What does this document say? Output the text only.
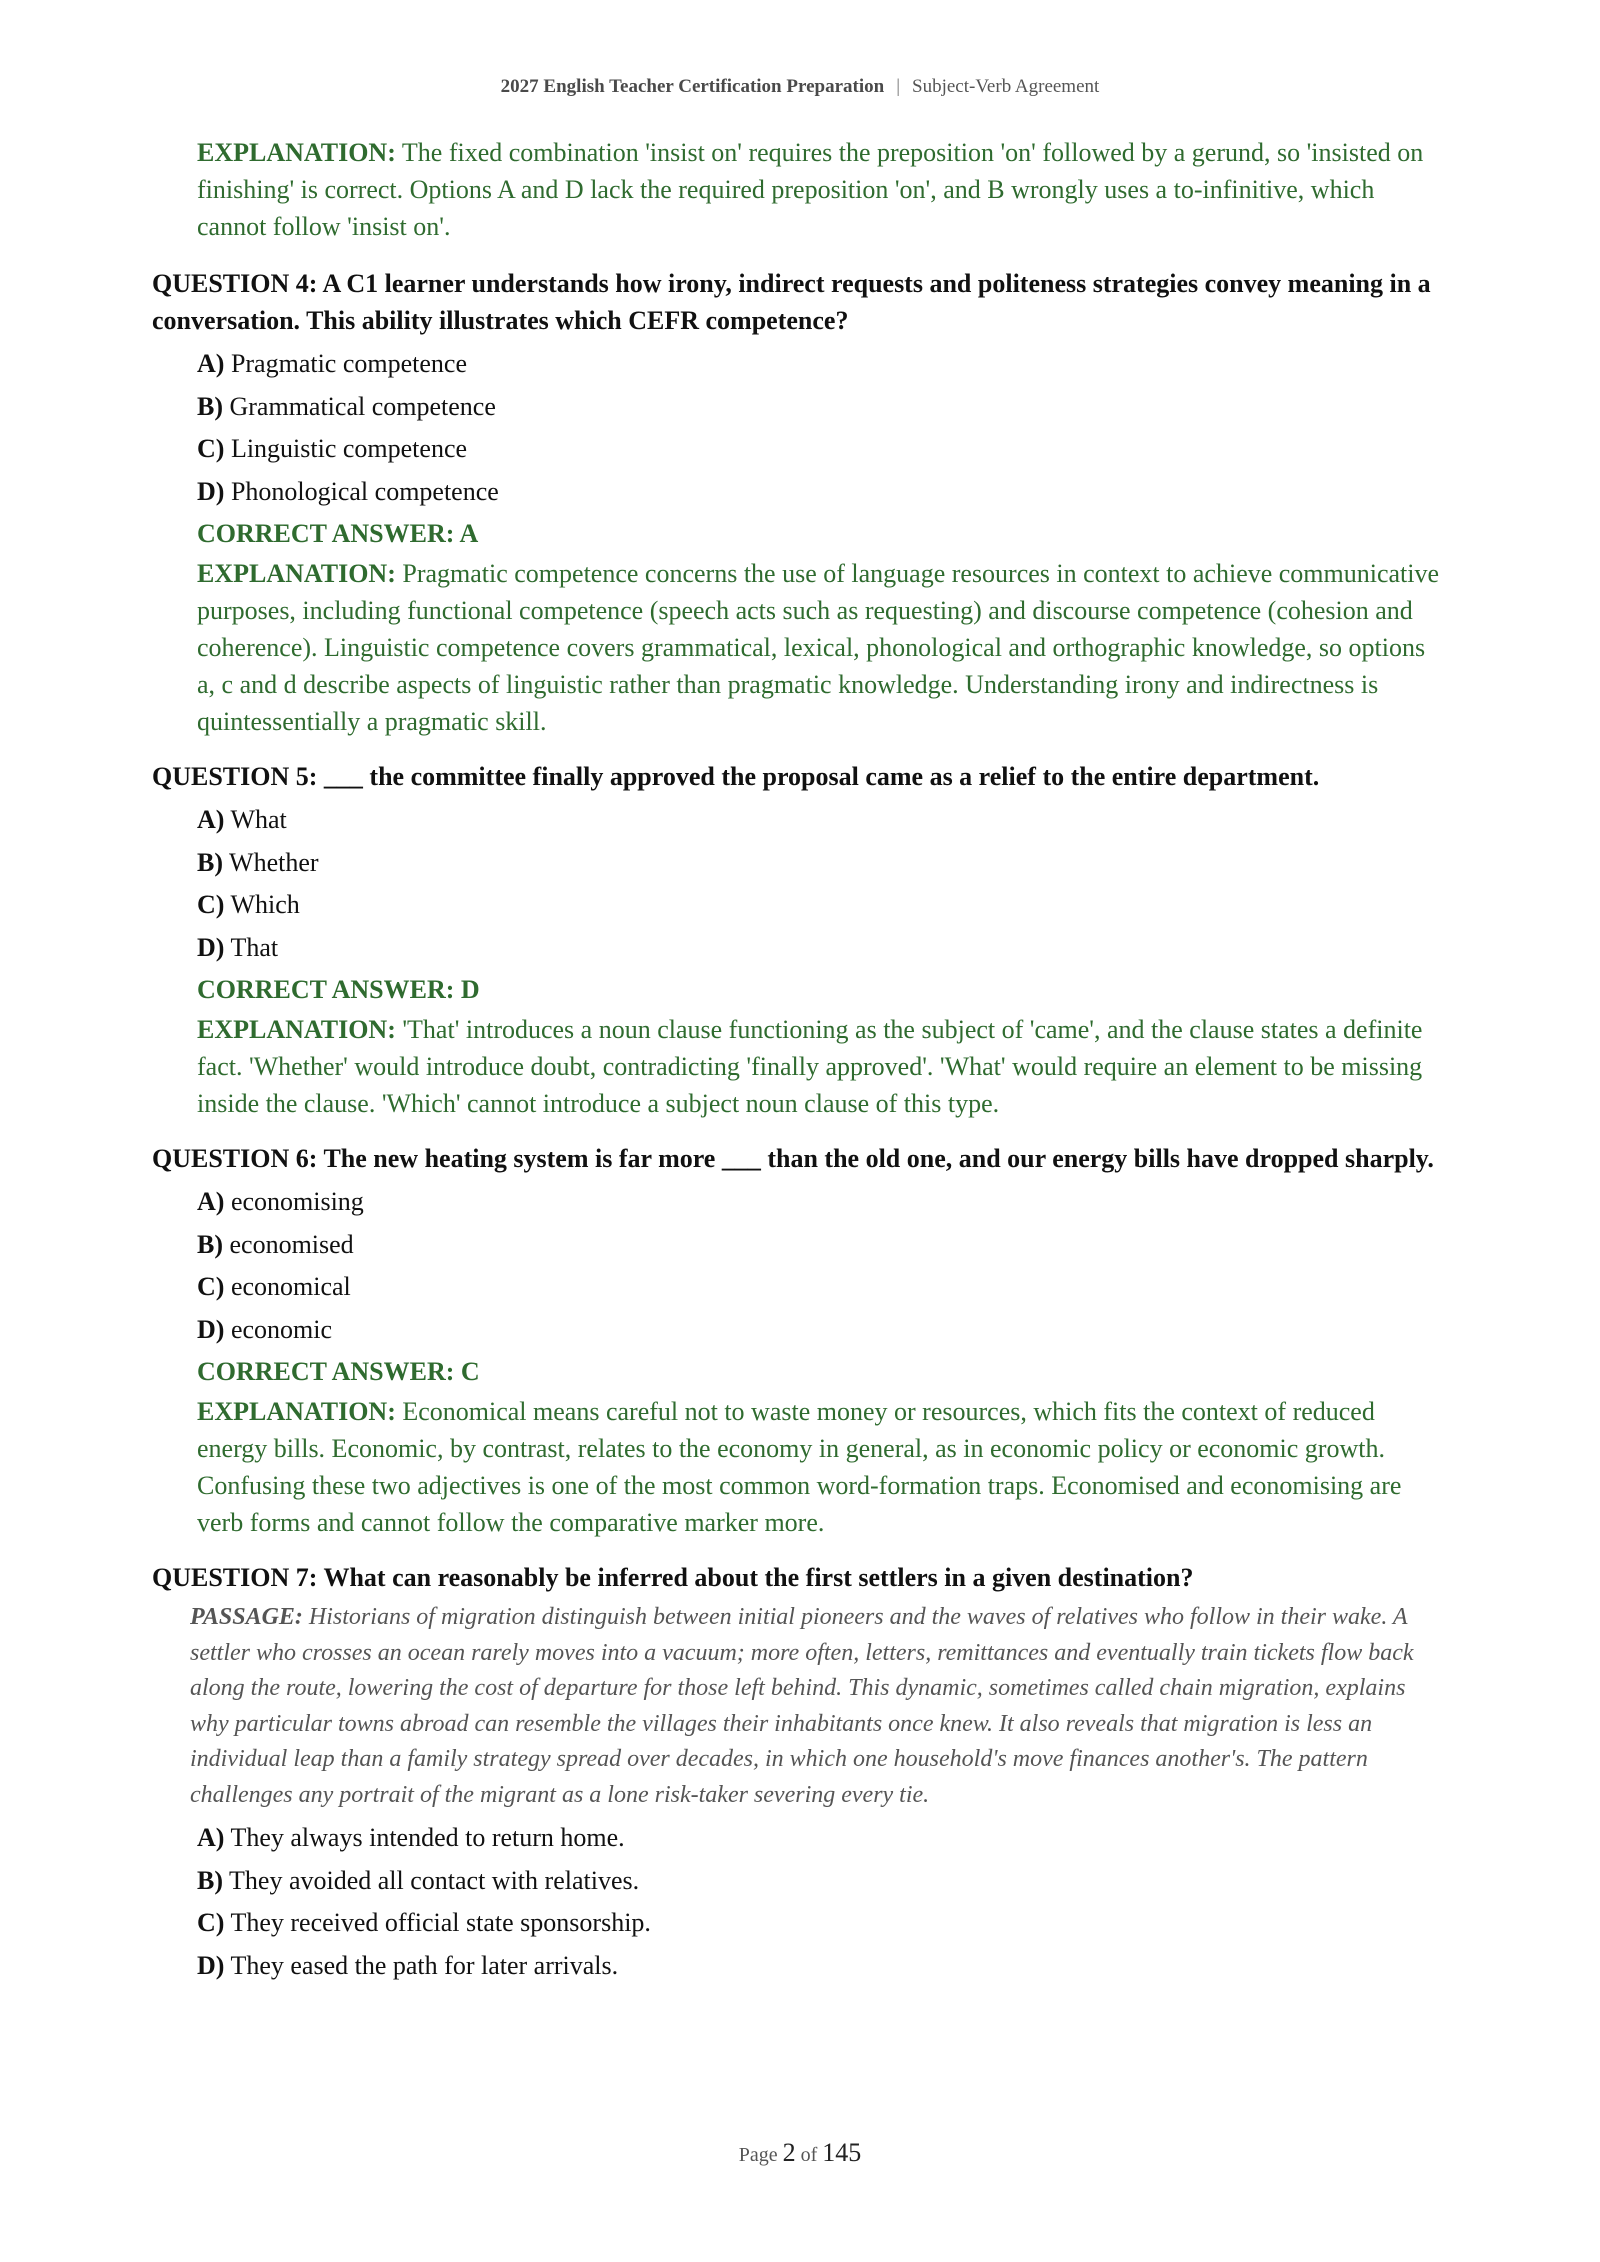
2027 English Teacher Certification Preparation | Subject-Verb Agreement
EXPLANATION: The fixed combination 'insist on' requires the preposition 'on' followed by a gerund, so 'insisted on finishing' is correct. Options A and D lack the required preposition 'on', and B wrongly uses a to-infinitive, which cannot follow 'insist on'.
QUESTION 4: A C1 learner understands how irony, indirect requests and politeness strategies convey meaning in a conversation. This ability illustrates which CEFR competence?
A) Pragmatic competence
B) Grammatical competence
C) Linguistic competence
D) Phonological competence
CORRECT ANSWER: A
EXPLANATION: Pragmatic competence concerns the use of language resources in context to achieve communicative purposes, including functional competence (speech acts such as requesting) and discourse competence (cohesion and coherence). Linguistic competence covers grammatical, lexical, phonological and orthographic knowledge, so options a, c and d describe aspects of linguistic rather than pragmatic knowledge. Understanding irony and indirectness is quintessentially a pragmatic skill.
QUESTION 5: ___ the committee finally approved the proposal came as a relief to the entire department.
A) What
B) Whether
C) Which
D) That
CORRECT ANSWER: D
EXPLANATION: 'That' introduces a noun clause functioning as the subject of 'came', and the clause states a definite fact. 'Whether' would introduce doubt, contradicting 'finally approved'. 'What' would require an element to be missing inside the clause. 'Which' cannot introduce a subject noun clause of this type.
QUESTION 6: The new heating system is far more ___ than the old one, and our energy bills have dropped sharply.
A) economising
B) economised
C) economical
D) economic
CORRECT ANSWER: C
EXPLANATION: Economical means careful not to waste money or resources, which fits the context of reduced energy bills. Economic, by contrast, relates to the economy in general, as in economic policy or economic growth. Confusing these two adjectives is one of the most common word-formation traps. Economised and economising are verb forms and cannot follow the comparative marker more.
QUESTION 7: What can reasonably be inferred about the first settlers in a given destination?
PASSAGE: Historians of migration distinguish between initial pioneers and the waves of relatives who follow in their wake. A settler who crosses an ocean rarely moves into a vacuum; more often, letters, remittances and eventually train tickets flow back along the route, lowering the cost of departure for those left behind. This dynamic, sometimes called chain migration, explains why particular towns abroad can resemble the villages their inhabitants once knew. It also reveals that migration is less an individual leap than a family strategy spread over decades, in which one household's move finances another's. The pattern challenges any portrait of the migrant as a lone risk-taker severing every tie.
A) They always intended to return home.
B) They avoided all contact with relatives.
C) They received official state sponsorship.
D) They eased the path for later arrivals.
Page 2 of 145
